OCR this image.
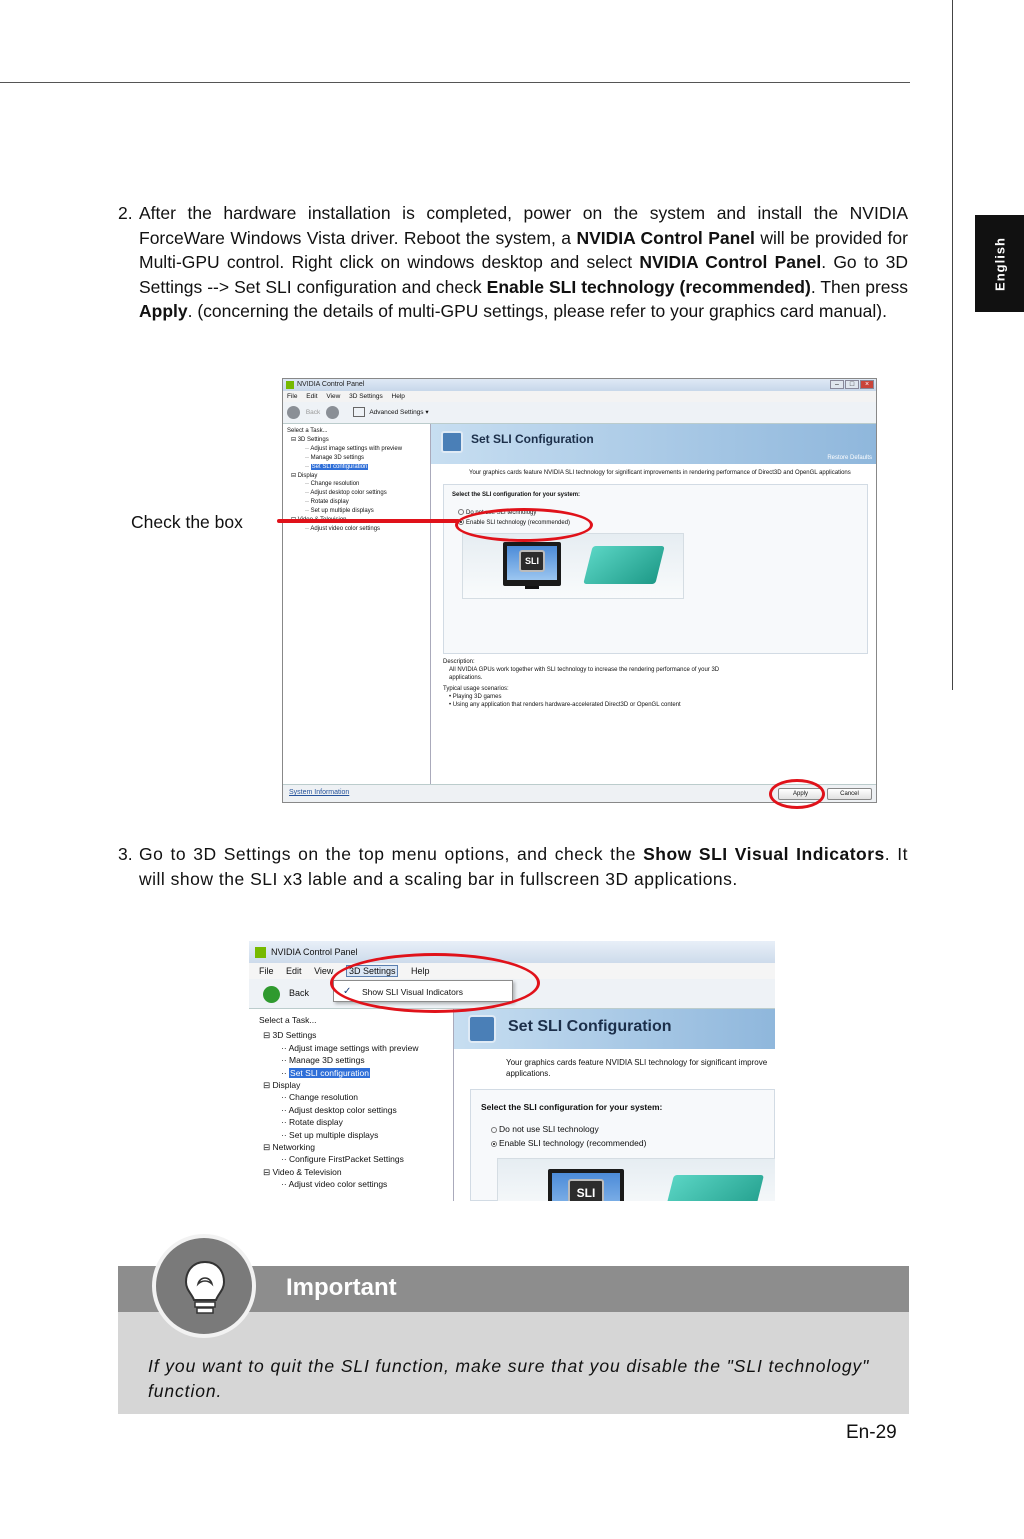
English
2. After the hardware installation is completed, power on the system and install the NVIDIA ForceWare Windows Vista driver. Reboot the system, a NVIDIA Control Panel will be provided for Multi-GPU control. Right click on windows desktop and select NVIDIA Control Panel. Go to 3D Settings --> Set SLI configuration and check Enable SLI technology (recommended). Then press Apply. (concerning the details of multi-GPU settings, please refer to your graphics card manual).
NVIDIA Control Panel	–	□	×
File Edit View 3D Settings Help
Back	Advanced Settings ▾
Select a Task...
⊟ 3D Settings
·· Adjust image settings with preview
·· Manage 3D settings
·· Set SLI configuration
⊟ Display
·· Change resolution
·· Adjust desktop color settings
·· Rotate display
·· Set up multiple displays
·· Adjust video color settings
Set SLI Configuration
Restore Defaults
Your graphics cards feature NVIDIA SLI technology for significant improvements in rendering performance of Direct3D and OpenGL applications
Select the SLI configuration for your system:
Do not use SLI technology
Enable SLI technology (recommended)
SLI
Description:
All NVIDIA GPUs work together with SLI technology to increase the rendering performance of your 3D applications.
Typical usage scenarios:
• Playing 3D games
• Using any application that renders hardware-accelerated Direct3D or OpenGL content
System Information	Apply	Cancel
Check the box
3. Go to 3D Settings on the top menu options, and check the Show SLI Visual Indicators. It will show the SLI x3 lable and a scaling bar in fullscreen 3D applications.
NVIDIA Control Panel
File Edit View 3D Settings Help
Back	✓ Show SLI Visual Indicators
Select a Task...
⊟ 3D Settings
·· Adjust image settings with preview
·· Manage 3D settings
·· Set SLI configuration
⊟ Display
·· Change resolution
·· Adjust desktop color settings
·· Rotate display
·· Set up multiple displays
⊟ Networking
·· Configure FirstPacket Settings
⊟ Video & Television
·· Adjust video color settings
Set SLI Configuration
Your graphics cards feature NVIDIA SLI technology for significant improve applications.
Select the SLI configuration for your system:
Do not use SLI technology
Enable SLI technology (recommended)
SLI
Important
If you want to quit the SLI function, make sure that you disable the "SLI technology" function.
En-29
